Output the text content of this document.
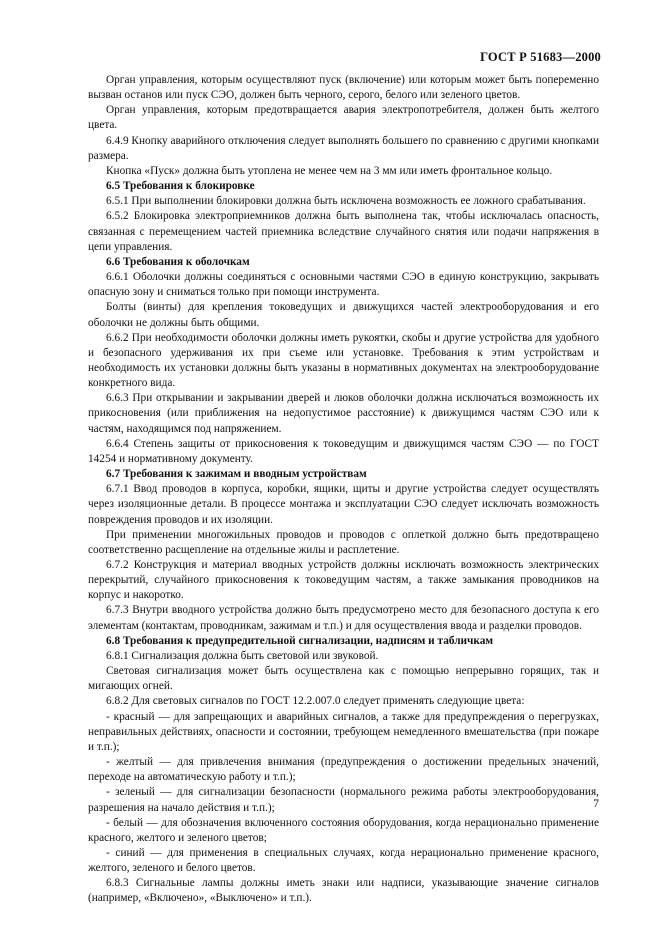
ГОСТ Р 51683—2000

Орган управления, которым осуществляют пуск (включение) или которым может быть попеременно вызван останов или пуск СЭО, должен быть черного, серого, белого или зеленого цветов.

Орган управления, которым предотвращается авария электропотребителя, должен быть желтого цвета.

6.4.9 Кнопку аварийного отключения следует выполнять большего по сравнению с другими кнопками размера.

Кнопка «Пуск» должна быть утоплена не менее чем на 3 мм или иметь фронтальное кольцо.

6.5 Требования к блокировке

6.5.1 При выполнении блокировки должна быть исключена возможность ее ложного срабатывания.

6.5.2 Блокировка электроприемников должна быть выполнена так, чтобы исключалась опасность, связанная с перемещением частей приемника вследствие случайного снятия или подачи напряжения в цепи управления.

6.6 Требования к оболочкам

6.6.1 Оболочки должны соединяться с основными частями СЭО в единую конструкцию, закрывать опасную зону и сниматься только при помощи инструмента.

Болты (винты) для крепления токоведущих и движущихся частей электрооборудования и его оболочки не должны быть общими.

6.6.2 При необходимости оболочки должны иметь рукоятки, скобы и другие устройства для удобного и безопасного удерживания их при съеме или установке. Требования к этим устройствам и необходимость их установки должны быть указаны в нормативных документах на электрооборудование конкретного вида.

6.6.3 При открывании и закрывании дверей и люков оболочки должна исключаться возможность их прикосновения (или приближения на недопустимое расстояние) к движущимся частям СЭО или к частям, находящимся под напряжением.

6.6.4 Степень защиты от прикосновения к токоведущим и движущимся частям СЭО — по ГОСТ 14254 и нормативному документу.

6.7 Требования к зажимам и вводным устройствам

6.7.1 Ввод проводов в корпуса, коробки, ящики, щиты и другие устройства следует осуществлять через изоляционные детали. В процессе монтажа и эксплуатации СЭО следует исключать возможность повреждения проводов и их изоляции.

При применении многожильных проводов и проводов с оплеткой должно быть предотвращено соответственно расщепление на отдельные жилы и расплетение.

6.7.2 Конструкция и материал вводных устройств должны исключать возможность электрических перекрытий, случайного прикосновения к токоведущим частям, а также замыкания проводников на корпус и накоротко.

6.7.3 Внутри вводного устройства должно быть предусмотрено место для безопасного доступа к его элементам (контактам, проводникам, зажимам и т.п.) и для осуществления ввода и разделки проводов.

6.8 Требования к предупредительной сигнализации, надписям и табличкам

6.8.1 Сигнализация должна быть световой или звуковой.

Световая сигнализация может быть осуществлена как с помощью непрерывно горящих, так и мигающих огней.

6.8.2 Для световых сигналов по ГОСТ 12.2.007.0 следует применять следующие цвета:

- красный — для запрещающих и аварийных сигналов, а также для предупреждения о перегрузках, неправильных действиях, опасности и состоянии, требующем немедленного вмешательства (при пожаре и т.п.);

- желтый — для привлечения внимания (предупреждения о достижении предельных значений, переходе на автоматическую работу и т.п.);

- зеленый — для сигнализации безопасности (нормального режима работы электрооборудования, разрешения на начало действия и т.п.);

- белый — для обозначения включенного состояния оборудования, когда нерационально применение красного, желтого и зеленого цветов;

- синий — для применения в специальных случаях, когда нерационально применение красного, желтого, зеленого и белого цветов.

6.8.3 Сигнальные лампы должны иметь знаки или надписи, указывающие значение сигналов (например, «Включено», «Выключено» и т.п.).

7
